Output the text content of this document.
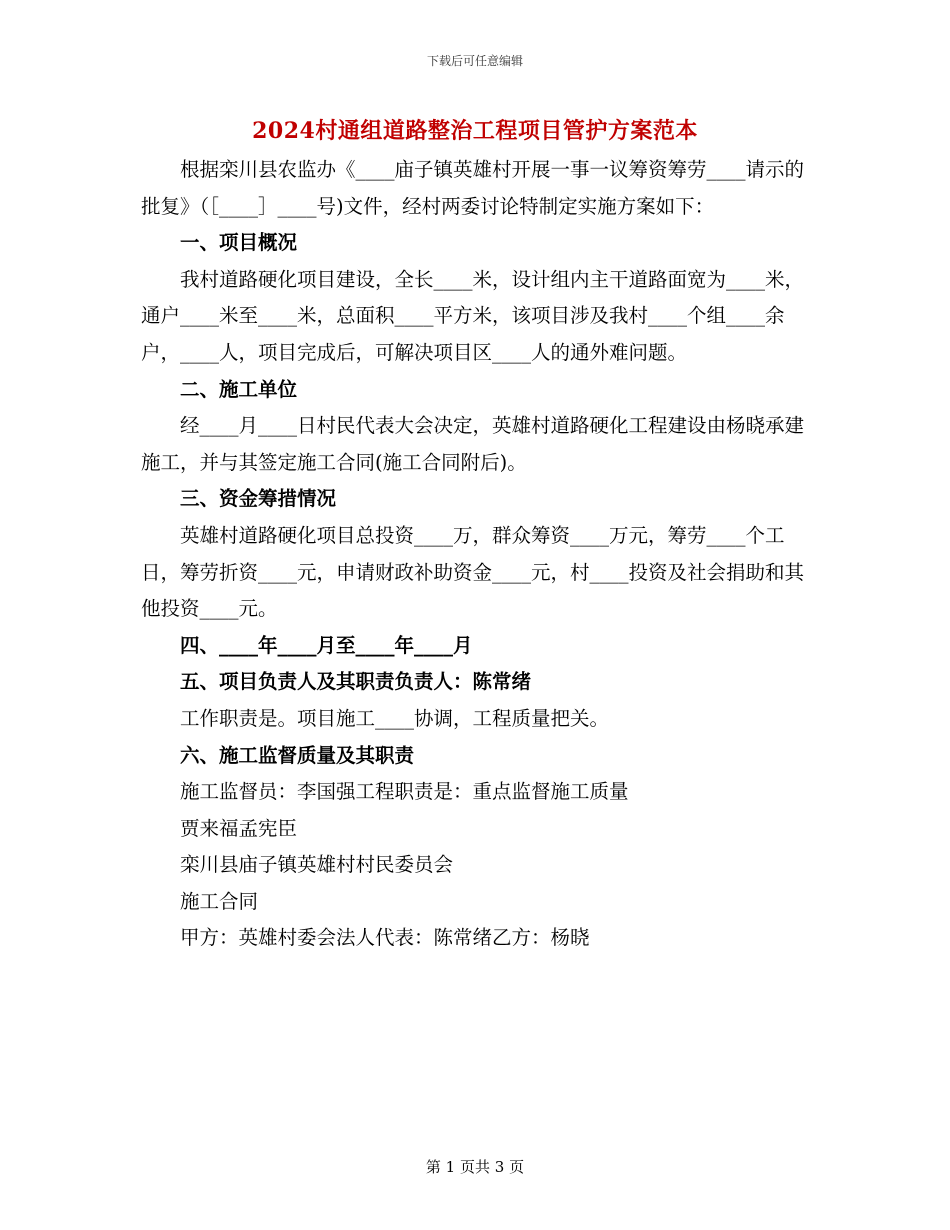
下载后可任意编辑
2024村通组道路整治工程项目管护方案范本

根据栾川县农监办《____庙子镇英雄村开展一事一议筹资筹劳____请示的批复》（［____］____号)文件，经村两委讨论特制定实施方案如下：

一、项目概况

我村道路硬化项目建设，全长____米，设计组内主干道路面宽为____米，通户____米至____米，总面积____平方米，该项目涉及我村____个组____余户，____人，项目完成后，可解决项目区____人的通外难问题。

二、施工单位

经____月____日村民代表大会决定，英雄村道路硬化工程建设由杨晓承建施工，并与其签定施工合同(施工合同附后)。

三、资金筹措情况

英雄村道路硬化项目总投资____万，群众筹资____万元，筹劳____个工日，筹劳折资____元，申请财政补助资金____元，村____投资及社会捐助和其他投资____元。

四、____年____月至____年____月

五、项目负责人及其职责负责人：陈常绪

工作职责是。项目施工____协调，工程质量把关。

六、施工监督质量及其职责

施工监督员：李国强工程职责是：重点监督施工质量

贾来福孟宪臣

栾川县庙子镇英雄村村民委员会

施工合同

甲方：英雄村委会法人代表：陈常绪乙方：杨晓

第 1 页共 3 页
